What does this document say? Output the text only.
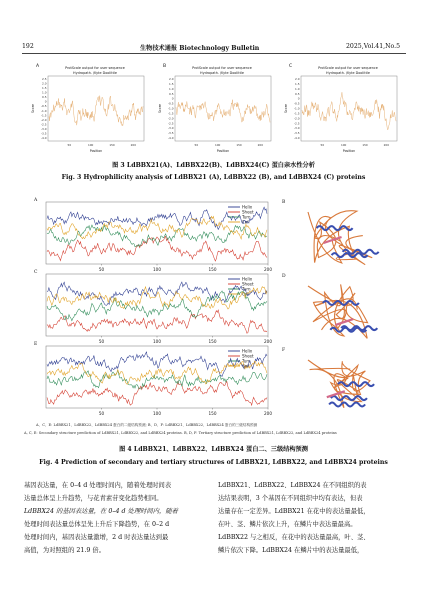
192	生物技术通报 Biotechnology Bulletin	2025,Vol.41,No.5
A	ProtScale output for user sequence
Hydropath. /Kyte Doolittle
2.5
2.0
1.5
1.0
0.5
0
-0.5
-1.0
-1.5
-2.0
-2.5
-3.0
-3.5
-4.0
50	100	150	200
Position
Score
B	ProtScale output for user sequence
Hydropath. /Kyte Doolittle
2.0
1.5
1.0
0.5
0
-0.5
-1.0
-1.5
-2.0
-2.5
-3.0
-3.5
-4.0
50	100	150	200
Position
Score
C	ProtScale output for user sequence
Hydropath. /Kyte Doolittle
2.0
1.5
1.0
0.5
0
-0.5
-1.0
-1.5
-2.0
-2.5
-3.0
-3.5
-4.0
50	100	150	200
Position
Score
图 3 LdBBX21(A)、LdBBX22(B)、LdBBX24(C) 蛋白亲水性分析
Fig. 3 Hydrophilicity analysis of LdBBX21 (A), LdBBX22 (B), and LdBBX24 (C) proteins
A
50	100	150	200
Helix
Sheet
Turn
Coil
C
50	100	150	200
Helix
Sheet
Turn
Coil
E
50	100	150	200
Helix
Sheet
Turn
Coil
B
D
F
A、C、E: LdBBX21、LdBBX22、LdBBX24 蛋白的二级结构预测; B、D、F: LdBBX21、LdBBX22、LdBBX24 蛋白的三级结构预测
A, C, E: Secondary structure prediction of LdBBX21, LdBBX22, and LdBBX24 proteins. B, D, F: Tertiary structure prediction of LdBBX21, LdBBX22, and LdBBX24 proteins
图 4 LdBBX21、LdBBX22、LdBBX24 蛋白二、三级结构预测
Fig. 4 Prediction of secondary and tertiary structures of LdBBX21, LdBBX22, and LdBBX24 proteins
基因表达量，在 0–4 d 处理时间内，随着处理时间表
达量总体呈上升趋势，与花青素苷变化趋势相同。
LdBBX24 的基因表达量，在 0–4 d 处理时间内，随着
处理时间表达量总体呈先上升后下降趋势，在 0–2 d
处理时间内，基因表达量激增，2 d 时表达量达到最
高值，为对照组的 21.9 倍。
LdBBX21、LdBBX22、LdBBX24 在不同组织的表
达结果表明，3 个基因在不同组织中均有表达，但表
达量存在一定差异。LdBBX21 在花中的表达量最低，
在叶、茎、鳞片依次上升，在鳞片中表达量最高。
LdBBX22 与之相反，在花中的表达量最高，叶、茎、
鳞片依次下降。LdBBX24 在鳞片中的表达量最低，
